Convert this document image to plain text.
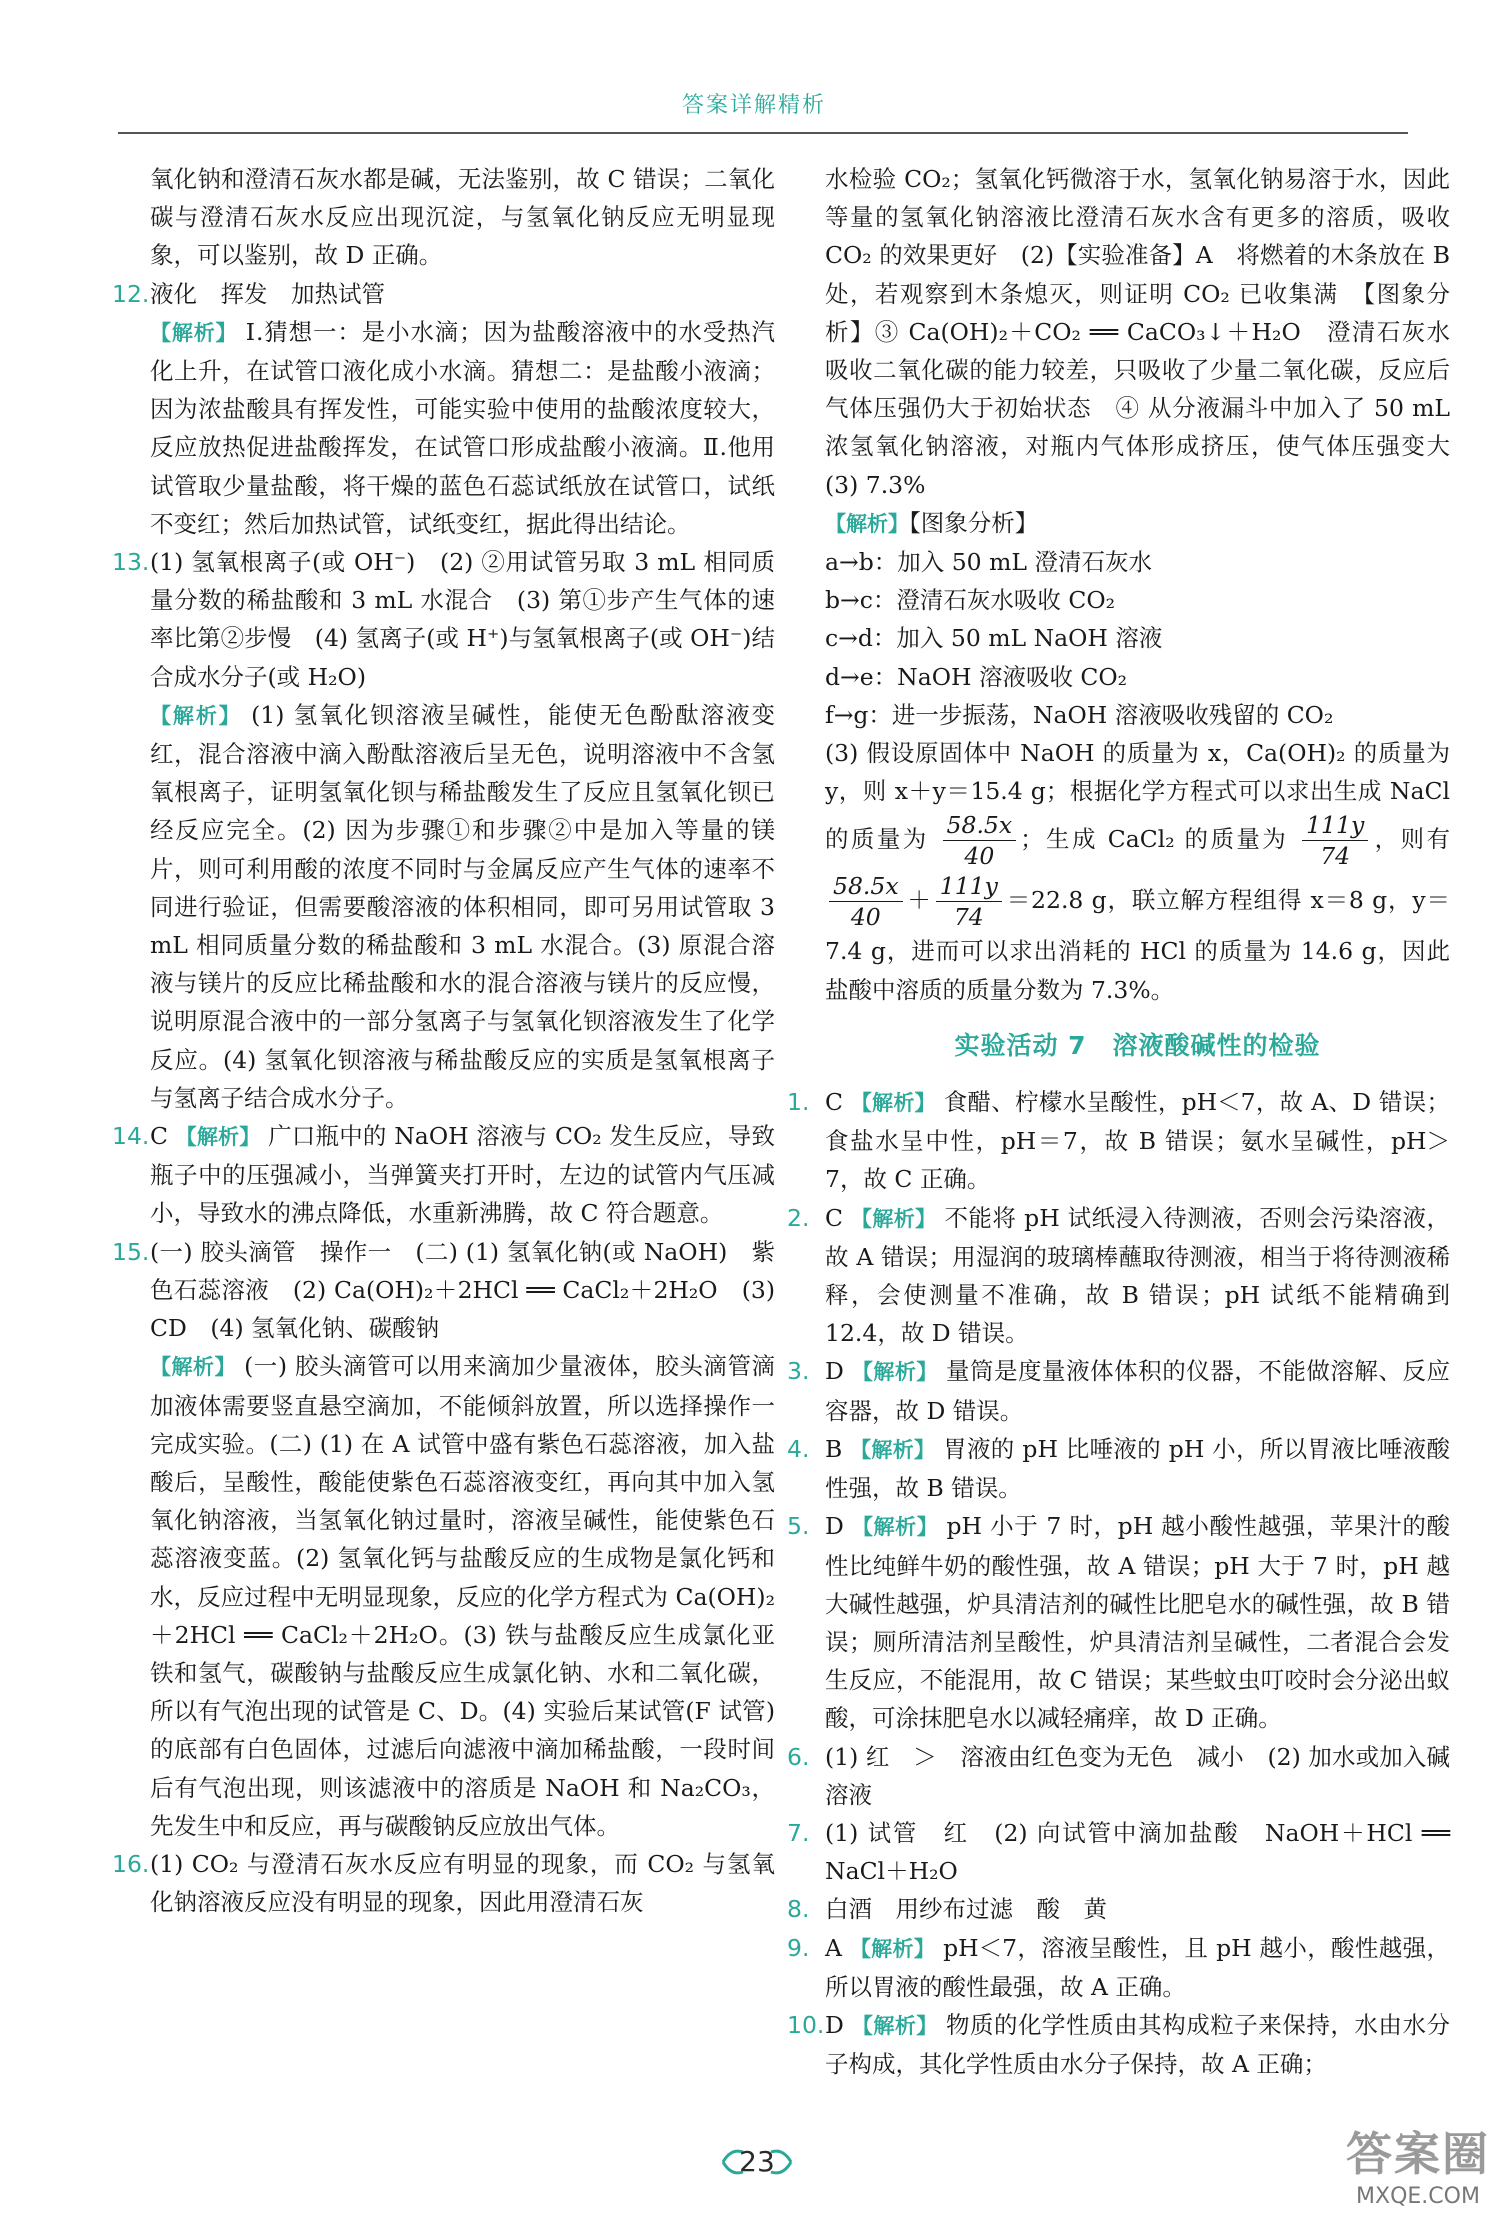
答案详解精析

氧化钠和澄清石灰水都是碱，无法鉴别，故 C 错误；二氧化碳与澄清石灰水反应出现沉淀，与氢氧化钠反应无明显现象，可以鉴别，故 D 正确。

12. 液化　挥发　加热试管
【解析】 Ⅰ.猜想一：是小水滴；因为盐酸溶液中的水受热汽化上升，在试管口液化成小水滴。猜想二：是盐酸小液滴；因为浓盐酸具有挥发性，可能实验中使用的盐酸浓度较大，反应放热促进盐酸挥发，在试管口形成盐酸小液滴。Ⅱ.他用试管取少量盐酸，将干燥的蓝色石蕊试纸放在试管口，试纸不变红；然后加热试管，试纸变红，据此得出结论。
13. (1) 氢氧根离子(或 OH⁻)　(2) ②用试管另取 3 mL 相同质量分数的稀盐酸和 3 mL 水混合　(3) 第①步产生气体的速率比第②步慢　(4) 氢离子(或 H⁺)与氢氧根离子(或 OH⁻)结合成水分子(或 H₂O)
【解析】 (1) 氢氧化钡溶液呈碱性，能使无色酚酞溶液变红，混合溶液中滴入酚酞溶液后呈无色，说明溶液中不含氢氧根离子，证明氢氧化钡与稀盐酸发生了反应且氢氧化钡已经反应完全。(2) 因为步骤①和步骤②中是加入等量的镁片，则可利用酸的浓度不同时与金属反应产生气体的速率不同进行验证，但需要酸溶液的体积相同，即可另用试管取 3 mL 相同质量分数的稀盐酸和 3 mL 水混合。(3) 原混合溶液与镁片的反应比稀盐酸和水的混合溶液与镁片的反应慢，说明原混合液中的一部分氢离子与氢氧化钡溶液发生了化学反应。(4) 氢氧化钡溶液与稀盐酸反应的实质是氢氧根离子与氢离子结合成水分子。
14. C 【解析】 广口瓶中的 NaOH 溶液与 CO₂ 发生反应，导致瓶子中的压强减小，当弹簧夹打开时，左边的试管内气压减小，导致水的沸点降低，水重新沸腾，故 C 符合题意。
15. (一) 胶头滴管　操作一　(二) (1) 氢氧化钠(或 NaOH)　紫色石蕊溶液　(2) Ca(OH)₂＋2HCl ══ CaCl₂＋2H₂O　(3) CD　(4) 氢氧化钠、碳酸钠
【解析】 (一) 胶头滴管可以用来滴加少量液体，胶头滴管滴加液体需要竖直悬空滴加，不能倾斜放置，所以选择操作一完成实验。(二) (1) 在 A 试管中盛有紫色石蕊溶液，加入盐酸后，呈酸性，酸能使紫色石蕊溶液变红，再向其中加入氢氧化钠溶液，当氢氧化钠过量时，溶液呈碱性，能使紫色石蕊溶液变蓝。(2) 氢氧化钙与盐酸反应的生成物是氯化钙和水，反应过程中无明显现象，反应的化学方程式为 Ca(OH)₂＋2HCl ══ CaCl₂＋2H₂O。(3) 铁与盐酸反应生成氯化亚铁和氢气，碳酸钠与盐酸反应生成氯化钠、水和二氧化碳，所以有气泡出现的试管是 C、D。(4) 实验后某试管(F 试管)的底部有白色固体，过滤后向滤液中滴加稀盐酸，一段时间后有气泡出现，则该滤液中的溶质是 NaOH 和 Na₂CO₃，先发生中和反应，再与碳酸钠反应放出气体。
16. (1) CO₂ 与澄清石灰水反应有明显的现象，而 CO₂ 与氢氧化钠溶液反应没有明显的现象，因此用澄清石灰

水检验 CO₂；氢氧化钙微溶于水，氢氧化钠易溶于水，因此等量的氢氧化钠溶液比澄清石灰水含有更多的溶质，吸收 CO₂ 的效果更好　(2)【实验准备】A　将燃着的木条放在 B 处，若观察到木条熄灭，则证明 CO₂ 已收集满　【图象分析】③ Ca(OH)₂＋CO₂ ══ CaCO₃↓＋H₂O　澄清石灰水吸收二氧化碳的能力较差，只吸收了少量二氧化碳，反应后气体压强仍大于初始状态　④ 从分液漏斗中加入了 50 mL 浓氢氧化钠溶液，对瓶内气体形成挤压，使气体压强变大　(3) 7.3%

【解析】【图象分析】
a→b：加入 50 mL 澄清石灰水
b→c：澄清石灰水吸收 CO₂
c→d：加入 50 mL NaOH 溶液
d→e：NaOH 溶液吸收 CO₂
f→g：进一步振荡，NaOH 溶液吸收残留的 CO₂
(3) 假设原固体中 NaOH 的质量为 x，Ca(OH)₂ 的质量为 y，则 x＋y＝15.4 g；根据化学方程式可以求出生成 NaCl 的质量为 $\frac{58.5x}{40}$ ；生成 CaCl₂ 的质量为 $\frac{111y}{74}$ ，则有
$\frac{58.5x}{40} + \frac{111y}{74} =22.8$ g，联立解方程组得 x＝8 g，y＝7.4 g，进而可以求出消耗的 HCl 的质量为 14.6 g，因此盐酸中溶质的质量分数为 7.3%。
实验活动 7　溶液酸碱性的检验
1. C 【解析】 食醋、柠檬水呈酸性，pH＜7，故 A、D 错误；食盐水呈中性，pH＝7，故 B 错误；氨水呈碱性，pH＞7，故 C 正确。
2. C 【解析】 不能将 pH 试纸浸入待测液，否则会污染溶液，故 A 错误；用湿润的玻璃棒蘸取待测液，相当于将待测液稀释，会使测量不准确，故 B 错误；pH 试纸不能精确到 12.4，故 D 错误。
3. D 【解析】 量筒是度量液体体积的仪器，不能做溶解、反应容器，故 D 错误。
4. B 【解析】 胃液的 pH 比唾液的 pH 小，所以胃液比唾液酸性强，故 B 错误。
5. D 【解析】 pH 小于 7 时，pH 越小酸性越强，苹果汁的酸性比纯鲜牛奶的酸性强，故 A 错误；pH 大于 7 时，pH 越大碱性越强，炉具清洁剂的碱性比肥皂水的碱性强，故 B 错误；厕所清洁剂呈酸性，炉具清洁剂呈碱性，二者混合会发生反应，不能混用，故 C 错误；某些蚊虫叮咬时会分泌出蚁酸，可涂抹肥皂水以减轻痛痒，故 D 正确。
6. (1) 红　＞　溶液由红色变为无色　减小　(2) 加水或加入碱溶液
7. (1) 试管　红　(2) 向试管中滴加盐酸　NaOH＋HCl ══ NaCl＋H₂O
8. 白酒　用纱布过滤　酸　黄
9. A 【解析】 pH＜7，溶液呈酸性，且 pH 越小，酸性越强，所以胃液的酸性最强，故 A 正确。
10. D 【解析】 物质的化学性质由其构成粒子来保持，水由水分子构成，其化学性质由水分子保持，故 A 正确；
23	答案圈
MXQE.COM
